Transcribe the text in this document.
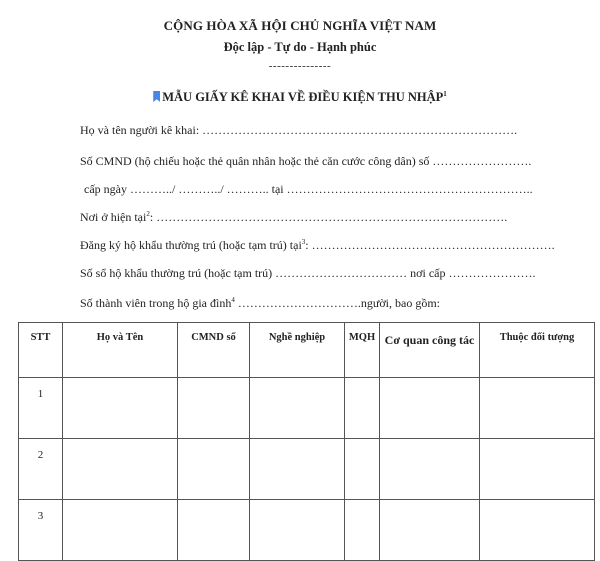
CỘNG HÒA XÃ HỘI CHỦ NGHĨA VIỆT NAM
Độc lập - Tự do - Hạnh phúc
---------------
MẪU GIẤY KÊ KHAI VỀ ĐIỀU KIỆN THU NHẬP$^1$
Họ và tên người kê khai: …………………………………………………………………….
Số CMND (hộ chiếu hoặc thẻ quân nhân hoặc thẻ căn cước công dân) số …………………….
cấp ngày ………../ ………../ ……….. tại ……………………………………………………..
Nơi ở hiện tại$^2$: …………………………………………………………………………….
Đăng ký hộ khẩu thường trú (hoặc tạm trú) tại$^3$: …………………………………………………….
Số sổ hộ khẩu thường trú (hoặc tạm trú) …………………………… nơi cấp ………………….
Số thành viên trong hộ gia đình$^4$ ………………………….người, bao gồm:
STT	Họ và Tên	CMND số	Nghề nghiệp	MQH	Cơ quan công tác	Thuộc đối tượng
1						
2						
3						
